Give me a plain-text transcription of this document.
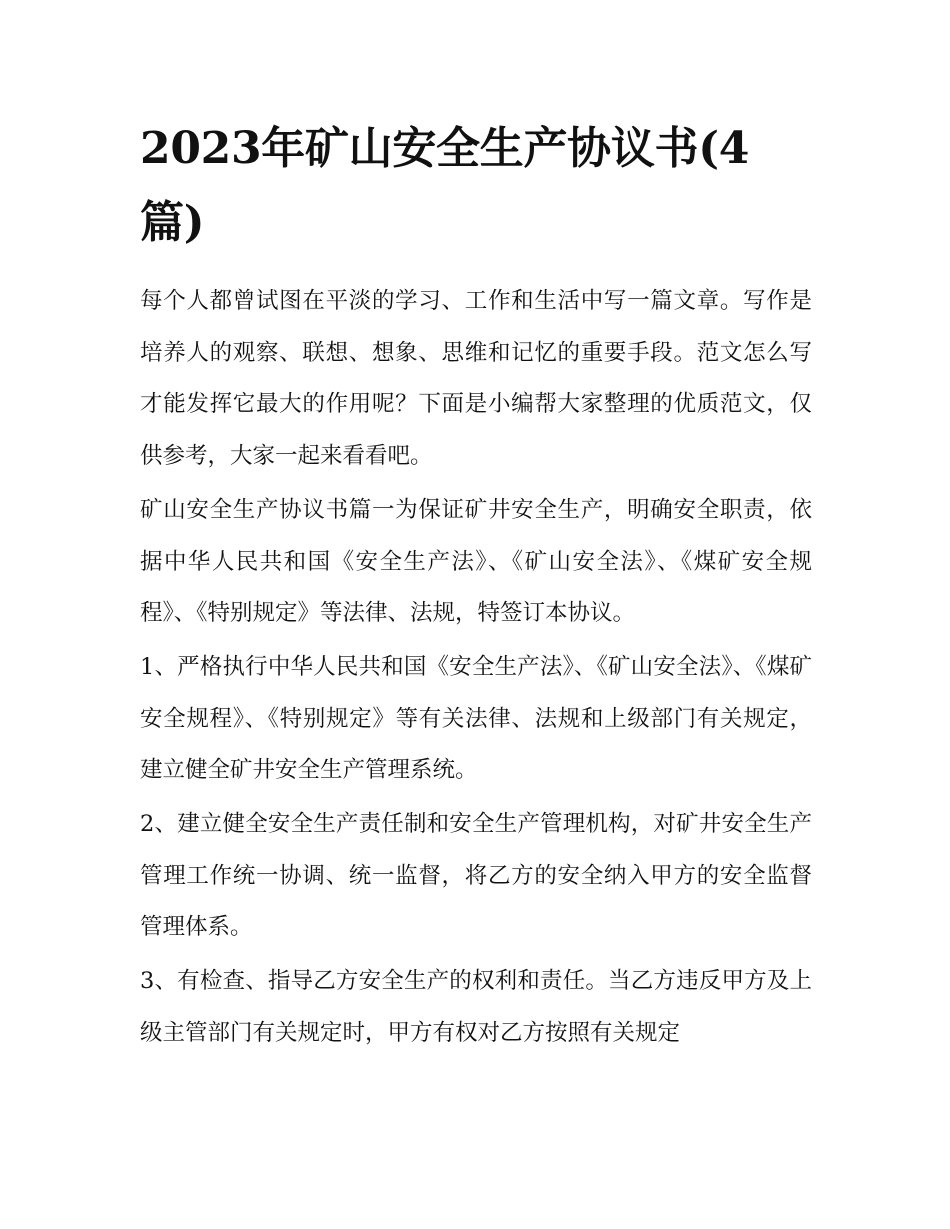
2023年矿山安全生产协议书(4篇)

每个人都曾试图在平淡的学习、工作和生活中写一篇文章。写作是培养人的观察、联想、想象、思维和记忆的重要手段。范文怎么写才能发挥它最大的作用呢？下面是小编帮大家整理的优质范文，仅供参考，大家一起来看看吧。

矿山安全生产协议书篇一为保证矿井安全生产，明确安全职责，依据中华人民共和国《安全生产法》、《矿山安全法》、《煤矿安全规程》、《特别规定》等法律、法规，特签订本协议。

1、严格执行中华人民共和国《安全生产法》、《矿山安全法》、《煤矿安全规程》、《特别规定》等有关法律、法规和上级部门有关规定，建立健全矿井安全生产管理系统。

2、建立健全安全生产责任制和安全生产管理机构，对矿井安全生产管理工作统一协调、统一监督，将乙方的安全纳入甲方的安全监督管理体系。

3、有检查、指导乙方安全生产的权利和责任。当乙方违反甲方及上级主管部门有关规定时，甲方有权对乙方按照有关规定
